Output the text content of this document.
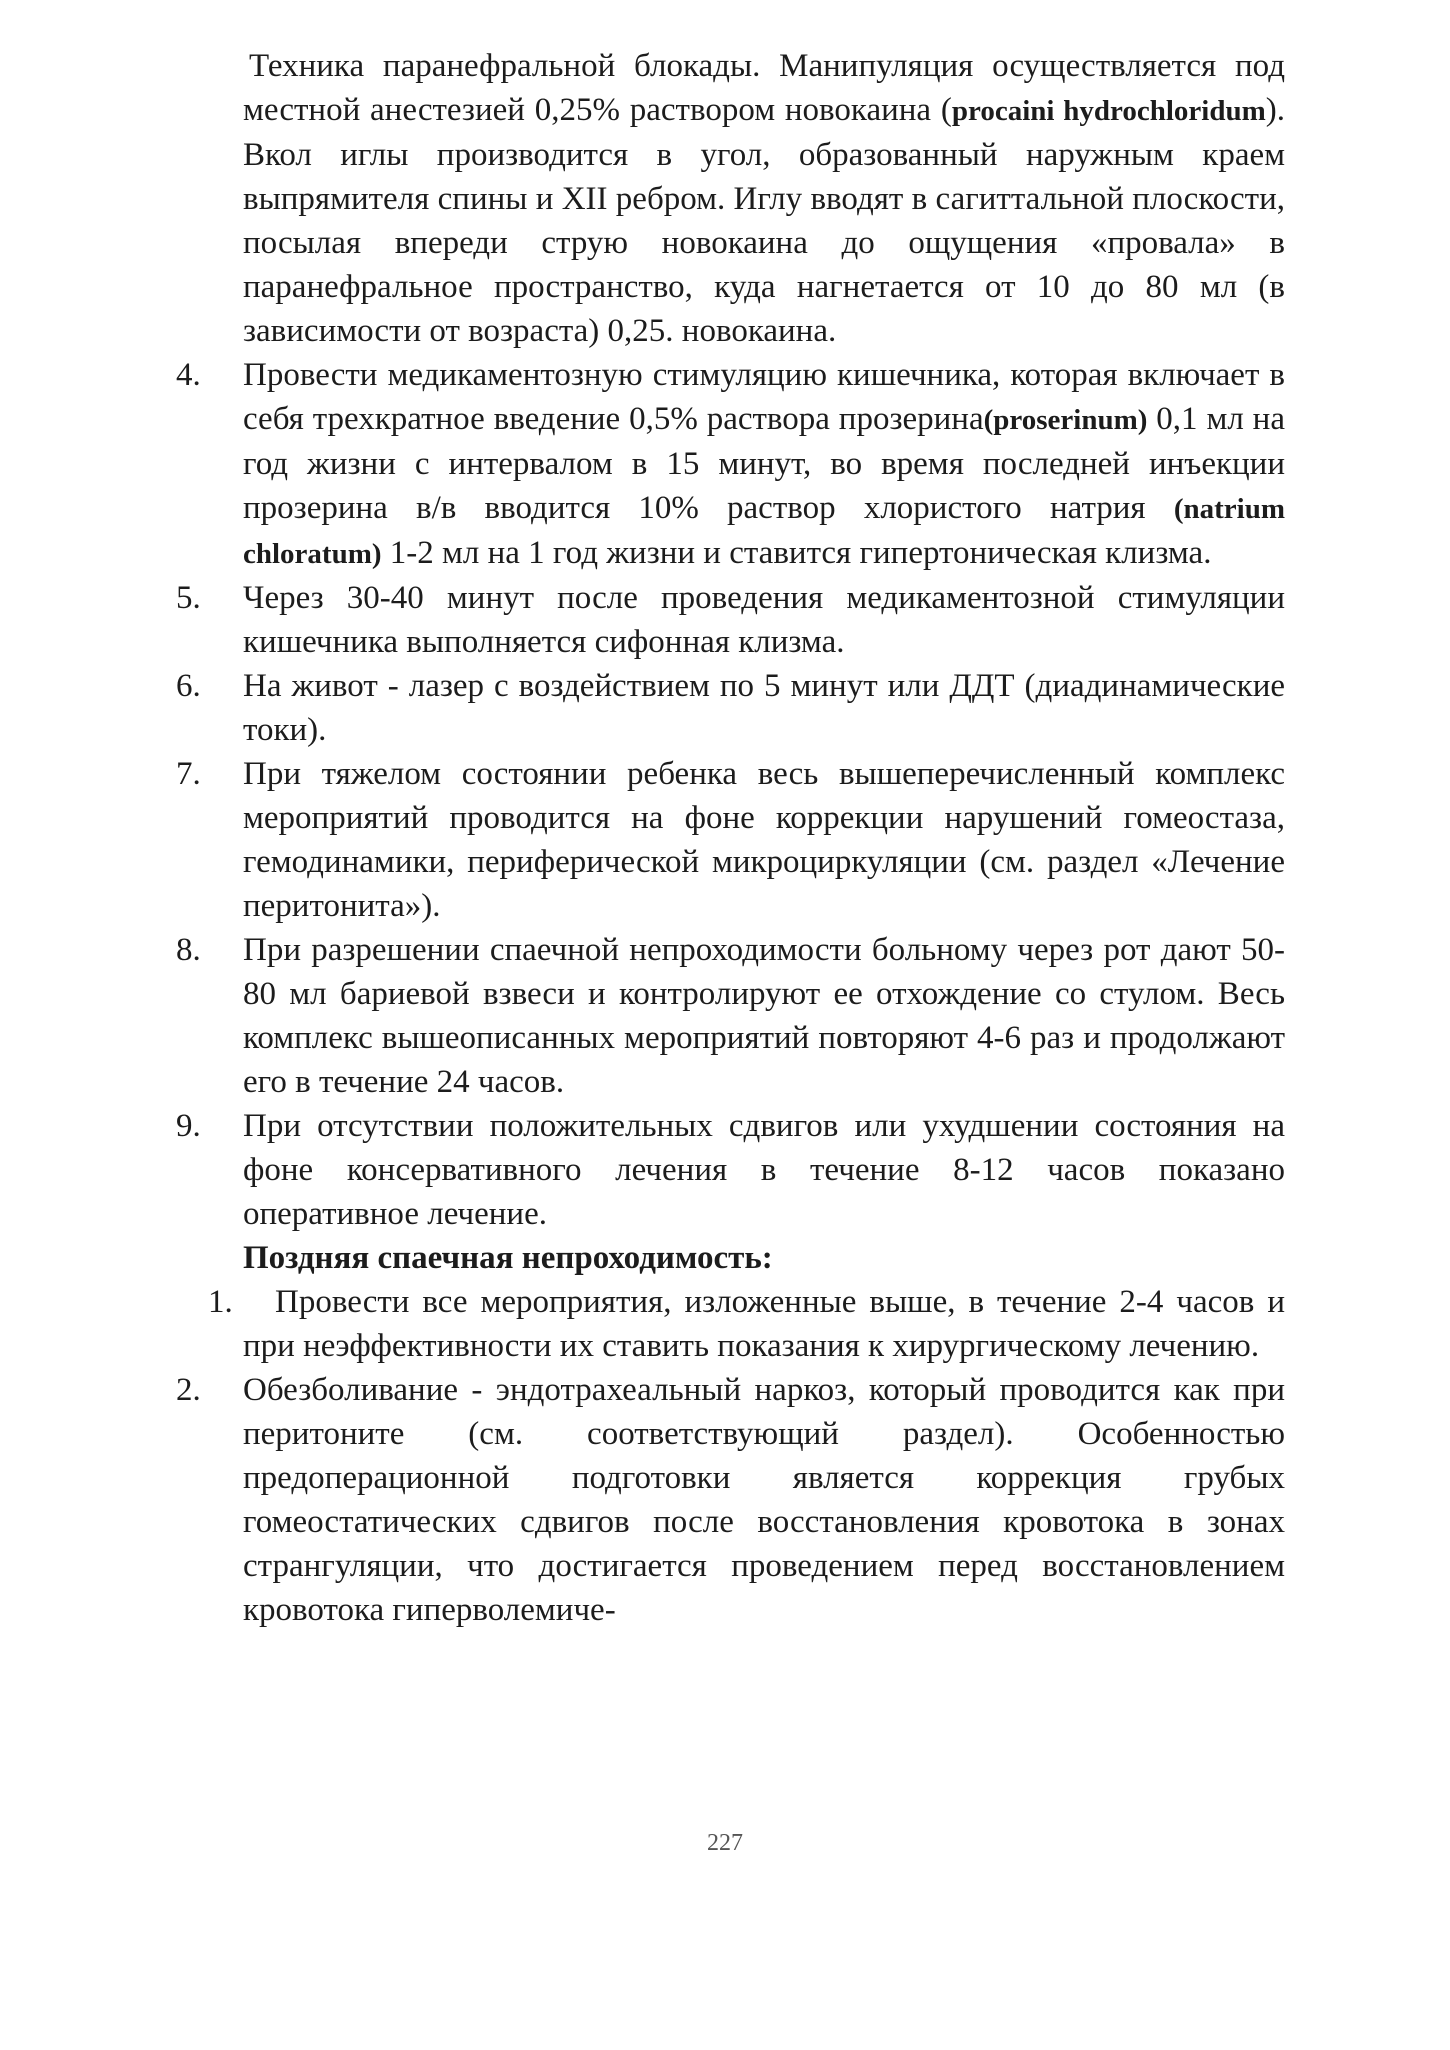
Техника паранефральной блокады. Манипуляция осуществляется под местной анестезией 0,25% раствором новокаина (procaini hydrochloridum). Вкол иглы производится в угол, образованный наружным краем выпрямителя спины и XII ребром. Иглу вводят в сагиттальной плоскости, посылая впереди струю новокаина до ощущения «провала» в паранефральное пространство, куда нагнетается от 10 до 80 мл (в зависимости от возраста) 0,25. новокаина.

4.	Провести медикаментозную стимуляцию кишечника, которая включает в себя трехкратное введение 0,5% раствора прозерина(proserinum) 0,1 мл на год жизни с интервалом в 15 минут, во время последней инъекции прозерина в/в вводится 10% раствор хлористого натрия (natrium chloratum) 1-2 мл на 1 год жизни и ставится гипертоническая клизма.

5.	Через 30-40 минут после проведения медикаментозной стимуляции кишечника выполняется сифонная клизма.

6.	На живот - лазер с воздействием по 5 минут или ДДТ (диадинамические токи).

7.	При тяжелом состоянии ребенка весь вышеперечисленный комплекс мероприятий проводится на фоне коррекции нарушений гомеостаза, гемодинамики, периферической микроциркуляции (см. раздел «Лечение перитонита»).

8.	При разрешении спаечной непроходимости больному через рот дают 50-80 мл бариевой взвеси и контролируют ее отхождение со стулом. Весь комплекс вышеописанных мероприятий повторяют 4-6 раз и продолжают его в течение 24 часов.

9.	При отсутствии положительных сдвигов или ухудшении состояния на фоне консервативного лечения в течение 8-12 часов показано оперативное лечение.

Поздняя спаечная непроходимость:

1. Провести все мероприятия, изложенные выше, в течение 2-4 часов и при неэффективности их ставить показания к хирургическому лечению.

2.	Обезболивание - эндотрахеальный наркоз, который проводится как при перитоните (см. соответствующий раздел). Особенностью предоперационной подготовки является коррекция грубых гомеостатических сдвигов после восстановления кровотока в зонах странгуляции, что достигается проведением перед восстановлением кровотока гиперволемиче-

227
